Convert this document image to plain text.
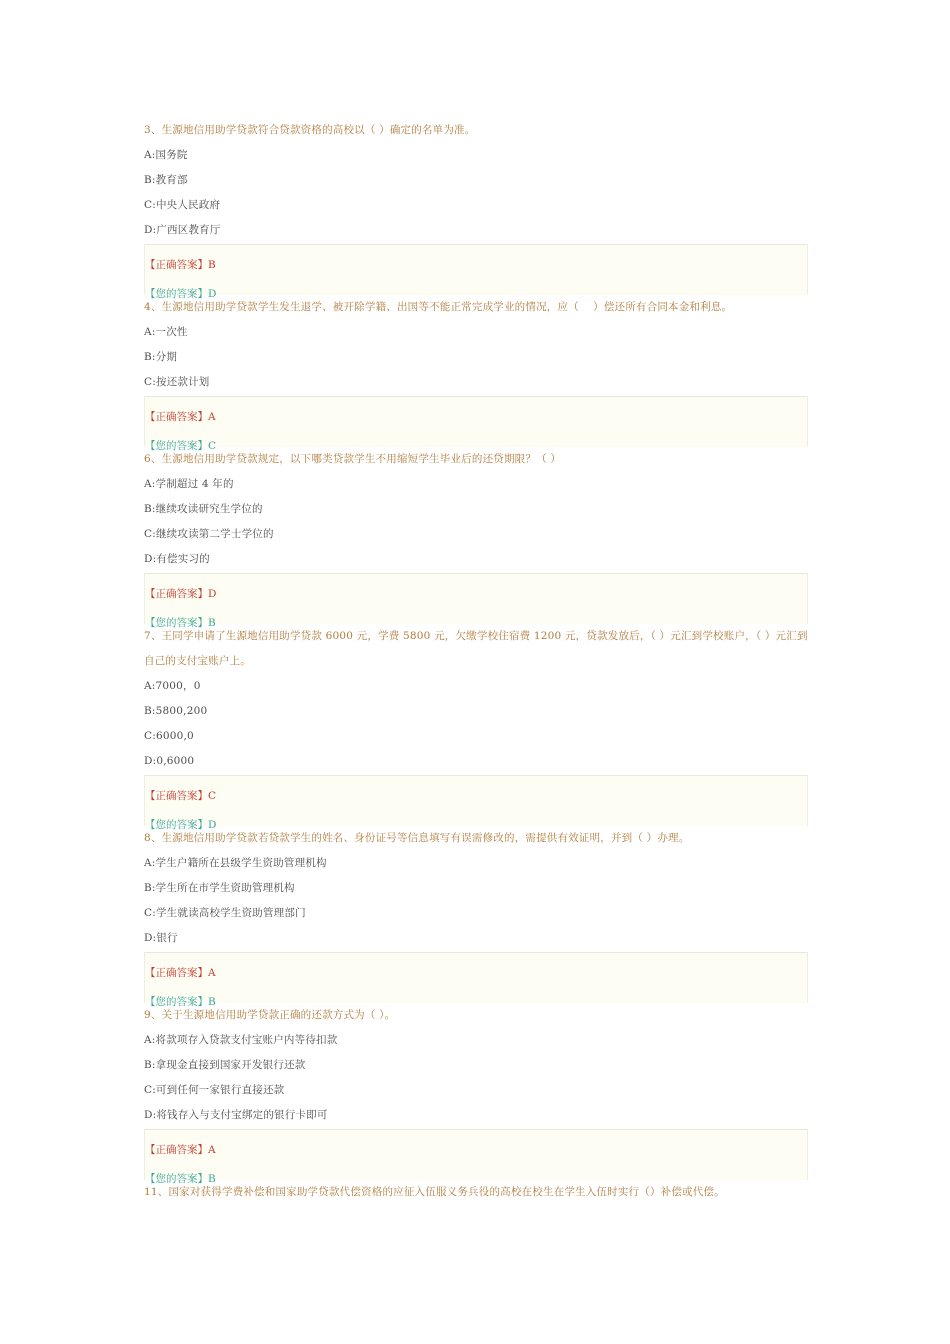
3、生源地信用助学贷款符合贷款资格的高校以（ ）确定的名单为准。
A:国务院
B:教育部
C:中央人民政府
D:广西区教育厅
【正确答案】B
【您的答案】D
4、生源地信用助学贷款学生发生退学、被开除学籍、出国等不能正常完成学业的情况，应（　 ）偿还所有合同本金和利息。
A:一次性
B:分期
C:按还款计划
【正确答案】A
【您的答案】C
6、生源地信用助学贷款规定，以下哪类贷款学生不用缩短学生毕业后的还贷期限？（ ）
A:学制超过 4 年的
B:继续攻读研究生学位的
C:继续攻读第二学士学位的
D:有偿实习的
【正确答案】D
【您的答案】B
7、王同学申请了生源地信用助学贷款 6000 元，学费 5800 元，欠缴学校住宿费 1200 元，贷款发放后，（ ）元汇到学校账户，（ ）元汇到自己的支付宝账户上。
A:7000，0
B:5800,200
C:6000,0
D:0,6000
【正确答案】C
【您的答案】D
8、生源地信用助学贷款若贷款学生的姓名、身份证号等信息填写有误需修改的，需提供有效证明，并到（ ）办理。
A:学生户籍所在县级学生资助管理机构
B:学生所在市学生资助管理机构
C:学生就读高校学生资助管理部门
D:银行
【正确答案】A
【您的答案】B
9、关于生源地信用助学贷款正确的还款方式为（ ）。
A:将款项存入贷款支付宝账户内等待扣款
B:拿现金直接到国家开发银行还款
C:可到任何一家银行直接还款
D:将钱存入与支付宝绑定的银行卡即可
【正确答案】A
【您的答案】B
11、国家对获得学费补偿和国家助学贷款代偿资格的应征入伍服义务兵役的高校在校生在学生入伍时实行（）补偿或代偿。
